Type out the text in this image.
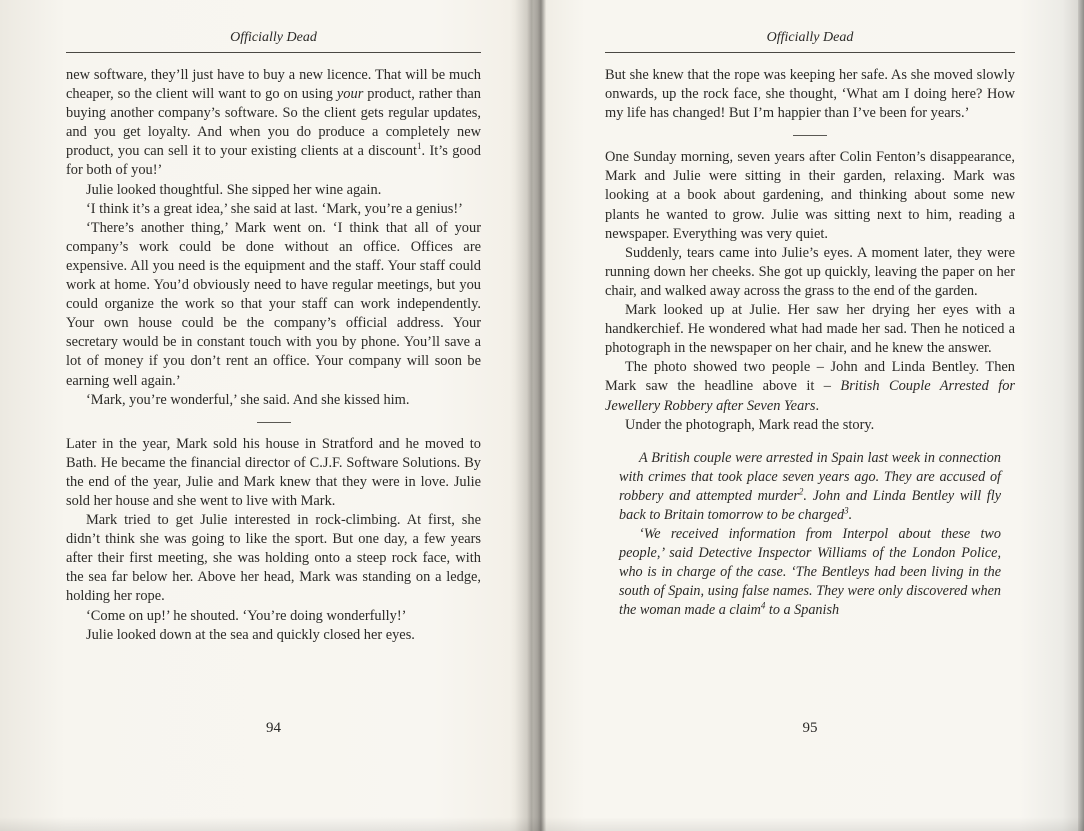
Officially Dead

new software, they’ll just have to buy a new licence. That will be much cheaper, so the client will want to go on using your product, rather than buying another company’s software. So the client gets regular updates, and you get loyalty. And when you do produce a completely new product, you can sell it to your existing clients at a discount$^1$. It’s good for both of you!’

Julie looked thoughtful. She sipped her wine again.

‘I think it’s a great idea,’ she said at last. ‘Mark, you’re a genius!’

‘There’s another thing,’ Mark went on. ‘I think that all of your company’s work could be done without an office. Offices are expensive. All you need is the equipment and the staff. Your staff could work at home. You’d obviously need to have regular meetings, but you could organize the work so that your staff can work independently. Your own house could be the company’s official address. Your secretary would be in constant touch with you by phone. You’ll save a lot of money if you don’t rent an office. Your company will soon be earning well again.’

‘Mark, you’re wonderful,’ she said. And she kissed him.

Later in the year, Mark sold his house in Stratford and he moved to Bath. He became the financial director of C.J.F. Software Solutions. By the end of the year, Julie and Mark knew that they were in love. Julie sold her house and she went to live with Mark.

Mark tried to get Julie interested in rock-climbing. At first, she didn’t think she was going to like the sport. But one day, a few years after their first meeting, she was holding onto a steep rock face, with the sea far below her. Above her head, Mark was standing on a ledge, holding her rope.

‘Come on up!’ he shouted. ‘You’re doing wonderfully!’

Julie looked down at the sea and quickly closed her eyes.

94
Officially Dead

But she knew that the rope was keeping her safe. As she moved slowly onwards, up the rock face, she thought, ‘What am I doing here? How my life has changed! But I’m happier than I’ve been for years.’

One Sunday morning, seven years after Colin Fenton’s disappearance, Mark and Julie were sitting in their garden, relaxing. Mark was looking at a book about gardening, and thinking about some new plants he wanted to grow. Julie was sitting next to him, reading a newspaper. Everything was very quiet.

Suddenly, tears came into Julie’s eyes. A moment later, they were running down her cheeks. She got up quickly, leaving the paper on her chair, and walked away across the grass to the end of the garden.

Mark looked up at Julie. Her saw her drying her eyes with a handkerchief. He wondered what had made her sad. Then he noticed a photograph in the newspaper on her chair, and he knew the answer.

The photo showed two people – John and Linda Bentley. Then Mark saw the headline above it – British Couple Arrested for Jewellery Robbery after Seven Years.

Under the photograph, Mark read the story.

A British couple were arrested in Spain last week in connection with crimes that took place seven years ago. They are accused of robbery and attempted murder$^2$. John and Linda Bentley will fly back to Britain tomorrow to be charged$^3$.

‘We received information from Interpol about these two people,’ said Detective Inspector Williams of the London Police, who is in charge of the case. ‘The Bentleys had been living in the south of Spain, using false names. They were only discovered when the woman made a claim$^4$ to a Spanish

95
